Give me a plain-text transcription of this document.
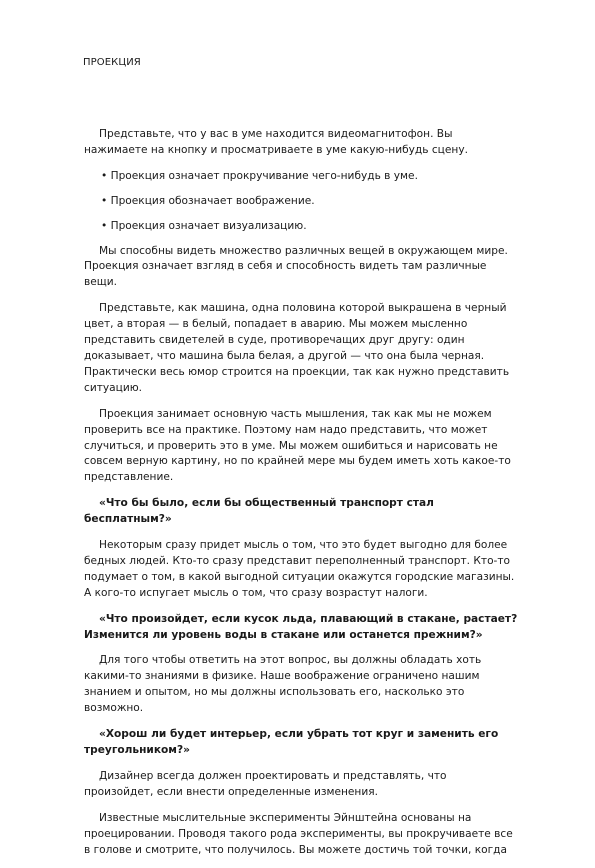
ПРОЕКЦИЯ

Представьте, что у вас в уме находится видеомагнитофон. Вы нажимаете на кнопку и просматриваете в уме какую-нибудь сцену.

• Проекция означает прокручивание чего-нибудь в уме.

• Проекция обозначает воображение.

• Проекция означает визуализацию.

Мы способны видеть множество различных вещей в окружающем мире. Проекция означает взгляд в себя и способность видеть там различные вещи.

Представьте, как машина, одна половина которой выкрашена в черный цвет, а вторая — в белый, попадает в аварию. Мы можем мысленно представить свидетелей в суде, противоречащих друг другу: один доказывает, что машина была белая, а другой — что она была черная. Практически весь юмор строится на проекции, так как нужно представить ситуацию.

Проекция занимает основную часть мышления, так как мы не можем проверить все на практике. Поэтому нам надо представить, что может случиться, и проверить это в уме. Мы можем ошибиться и нарисовать не совсем верную картину, но по крайней мере мы будем иметь хоть какое-то представление.

«Что бы было, если бы общественный транспорт стал бесплатным?»

Некоторым сразу придет мысль о том, что это будет выгодно для более бедных людей. Кто-то сразу представит переполненный транспорт. Кто-то подумает о том, в какой выгодной ситуации окажутся городские магазины. А кого-то испугает мысль о том, что сразу возрастут налоги.

«Что произойдет, если кусок льда, плавающий в стакане, растает? Изменится ли уровень воды в стакане или останется прежним?»

Для того чтобы ответить на этот вопрос, вы должны обладать хоть какими-то знаниями в физике. Наше воображение ограничено нашим знанием и опытом, но мы должны использовать его, насколько это возможно.

«Хорош ли будет интерьер, если убрать тот круг и заменить его треугольником?»

Дизайнер всегда должен проектировать и представлять, что произойдет, если внести определенные изменения.

Известные мыслительные эксперименты Эйнштейна основаны на проецировании. Проводя такого рода эксперименты, вы прокручиваете все в голове и смотрите, что получилось. Вы можете достичь той точки, когда
